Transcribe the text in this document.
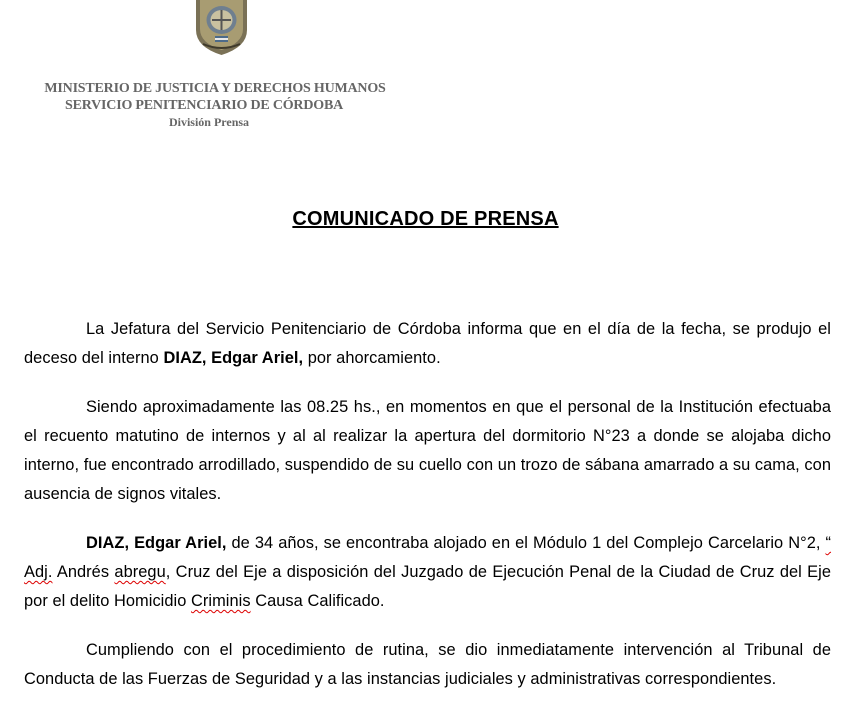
MINISTERIO DE JUSTICIA Y DERECHOS HUMANOS
SERVICIO PENITENCIARIO DE CÓRDOBA
División Prensa
COMUNICADO DE PRENSA

La Jefatura del Servicio Penitenciario de Córdoba informa que en el día de la fecha, se produjo el deceso del interno DIAZ, Edgar Ariel, por ahorcamiento.

Siendo aproximadamente las 08.25 hs., en momentos en que el personal de la Institución efectuaba el recuento matutino de internos y al al realizar la apertura del dormitorio N°23 a donde se alojaba dicho interno, fue encontrado arrodillado, suspendido de su cuello con un trozo de sábana amarrado a su cama, con ausencia de signos vitales.

DIAZ, Edgar Ariel, de 34 años, se encontraba alojado en el Módulo 1 del Complejo Carcelario N°2, “ Adj. Andrés abregu, Cruz del Eje a disposición del Juzgado de Ejecución Penal de la Ciudad de Cruz del Eje por el delito Homicidio Criminis Causa Calificado.

Cumpliendo con el procedimiento de rutina, se dio inmediatamente intervención al Tribunal de Conducta de las Fuerzas de Seguridad y a las instancias judiciales y administrativas correspondientes.
